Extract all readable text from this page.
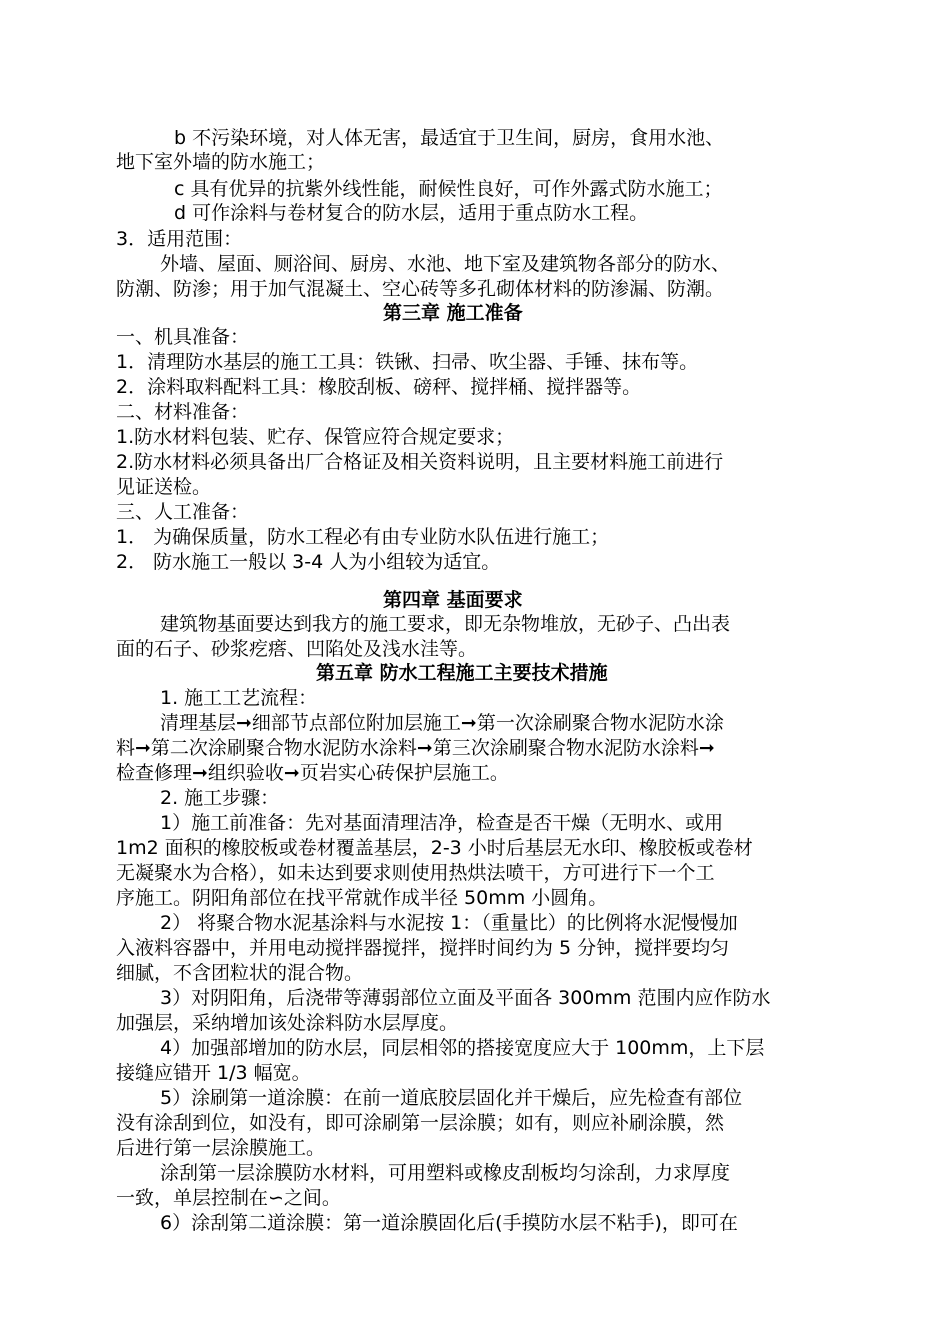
b 不污染环境，对人体无害，最适宜于卫生间，厨房，食用水池、
地下室外墙的防水施工；
c 具有优异的抗紫外线性能，耐候性良好，可作外露式防水施工；
d 可作涂料与卷材复合的防水层，适用于重点防水工程。
3．适用范围：
外墙、屋面、厕浴间、厨房、水池、地下室及建筑物各部分的防水、
防潮、防渗；用于加气混凝土、空心砖等多孔砌体材料的防渗漏、防潮。
第三章 施工准备
一、机具准备：
1．清理防水基层的施工工具：铁锹、扫帚、吹尘器、手锤、抹布等。
2．涂料取料配料工具：橡胶刮板、磅秤、搅拌桶、搅拌器等。
二、材料准备：
1.防水材料包装、贮存、保管应符合规定要求；
2.防水材料必须具备出厂合格证及相关资料说明，且主要材料施工前进行
见证送检。
三、人工准备：
1． 为确保质量，防水工程必有由专业防水队伍进行施工；
2． 防水施工一般以 3-4 人为小组较为适宜。
第四章 基面要求
建筑物基面要达到我方的施工要求，即无杂物堆放，无砂子、凸出表
面的石子、砂浆疙瘩、凹陷处及浅水洼等。
第五章 防水工程施工主要技术措施
1. 施工工艺流程：
清理基层➞细部节点部位附加层施工➞第一次涂刷聚合物水泥防水涂
料➞第二次涂刷聚合物水泥防水涂料➞第三次涂刷聚合物水泥防水涂料➞
检查修理➞组织验收➞页岩实心砖保护层施工。
2. 施工步骤：
1）施工前准备：先对基面清理洁净，检查是否干燥（无明水、或用
1m2 面积的橡胶板或卷材覆盖基层，2-3 小时后基层无水印、橡胶板或卷材
无凝聚水为合格），如未达到要求则使用热烘法喷干，方可进行下一个工
序施工。阴阳角部位在找平常就作成半径 50mm 小圆角。
2） 将聚合物水泥基涂料与水泥按 1：（重量比）的比例将水泥慢慢加
入液料容器中，并用电动搅拌器搅拌，搅拌时间约为 5 分钟，搅拌要均匀
细腻，不含团粒状的混合物。
3）对阴阳角，后浇带等薄弱部位立面及平面各 300mm 范围内应作防水
加强层，采纳增加该处涂料防水层厚度。
4）加强部增加的防水层，同层相邻的搭接宽度应大于 100mm，上下层
接缝应错开 1/3 幅宽。
5）涂刷第一道涂膜：在前一道底胶层固化并干燥后，应先检查有部位
没有涂刮到位，如没有，即可涂刷第一层涂膜；如有，则应补刷涂膜，然
后进行第一层涂膜施工。
涂刮第一层涂膜防水材料，可用塑料或橡皮刮板均匀涂刮，力求厚度
一致，单层控制在∽之间。
6）涂刮第二道涂膜：第一道涂膜固化后(手摸防水层不粘手)，即可在
